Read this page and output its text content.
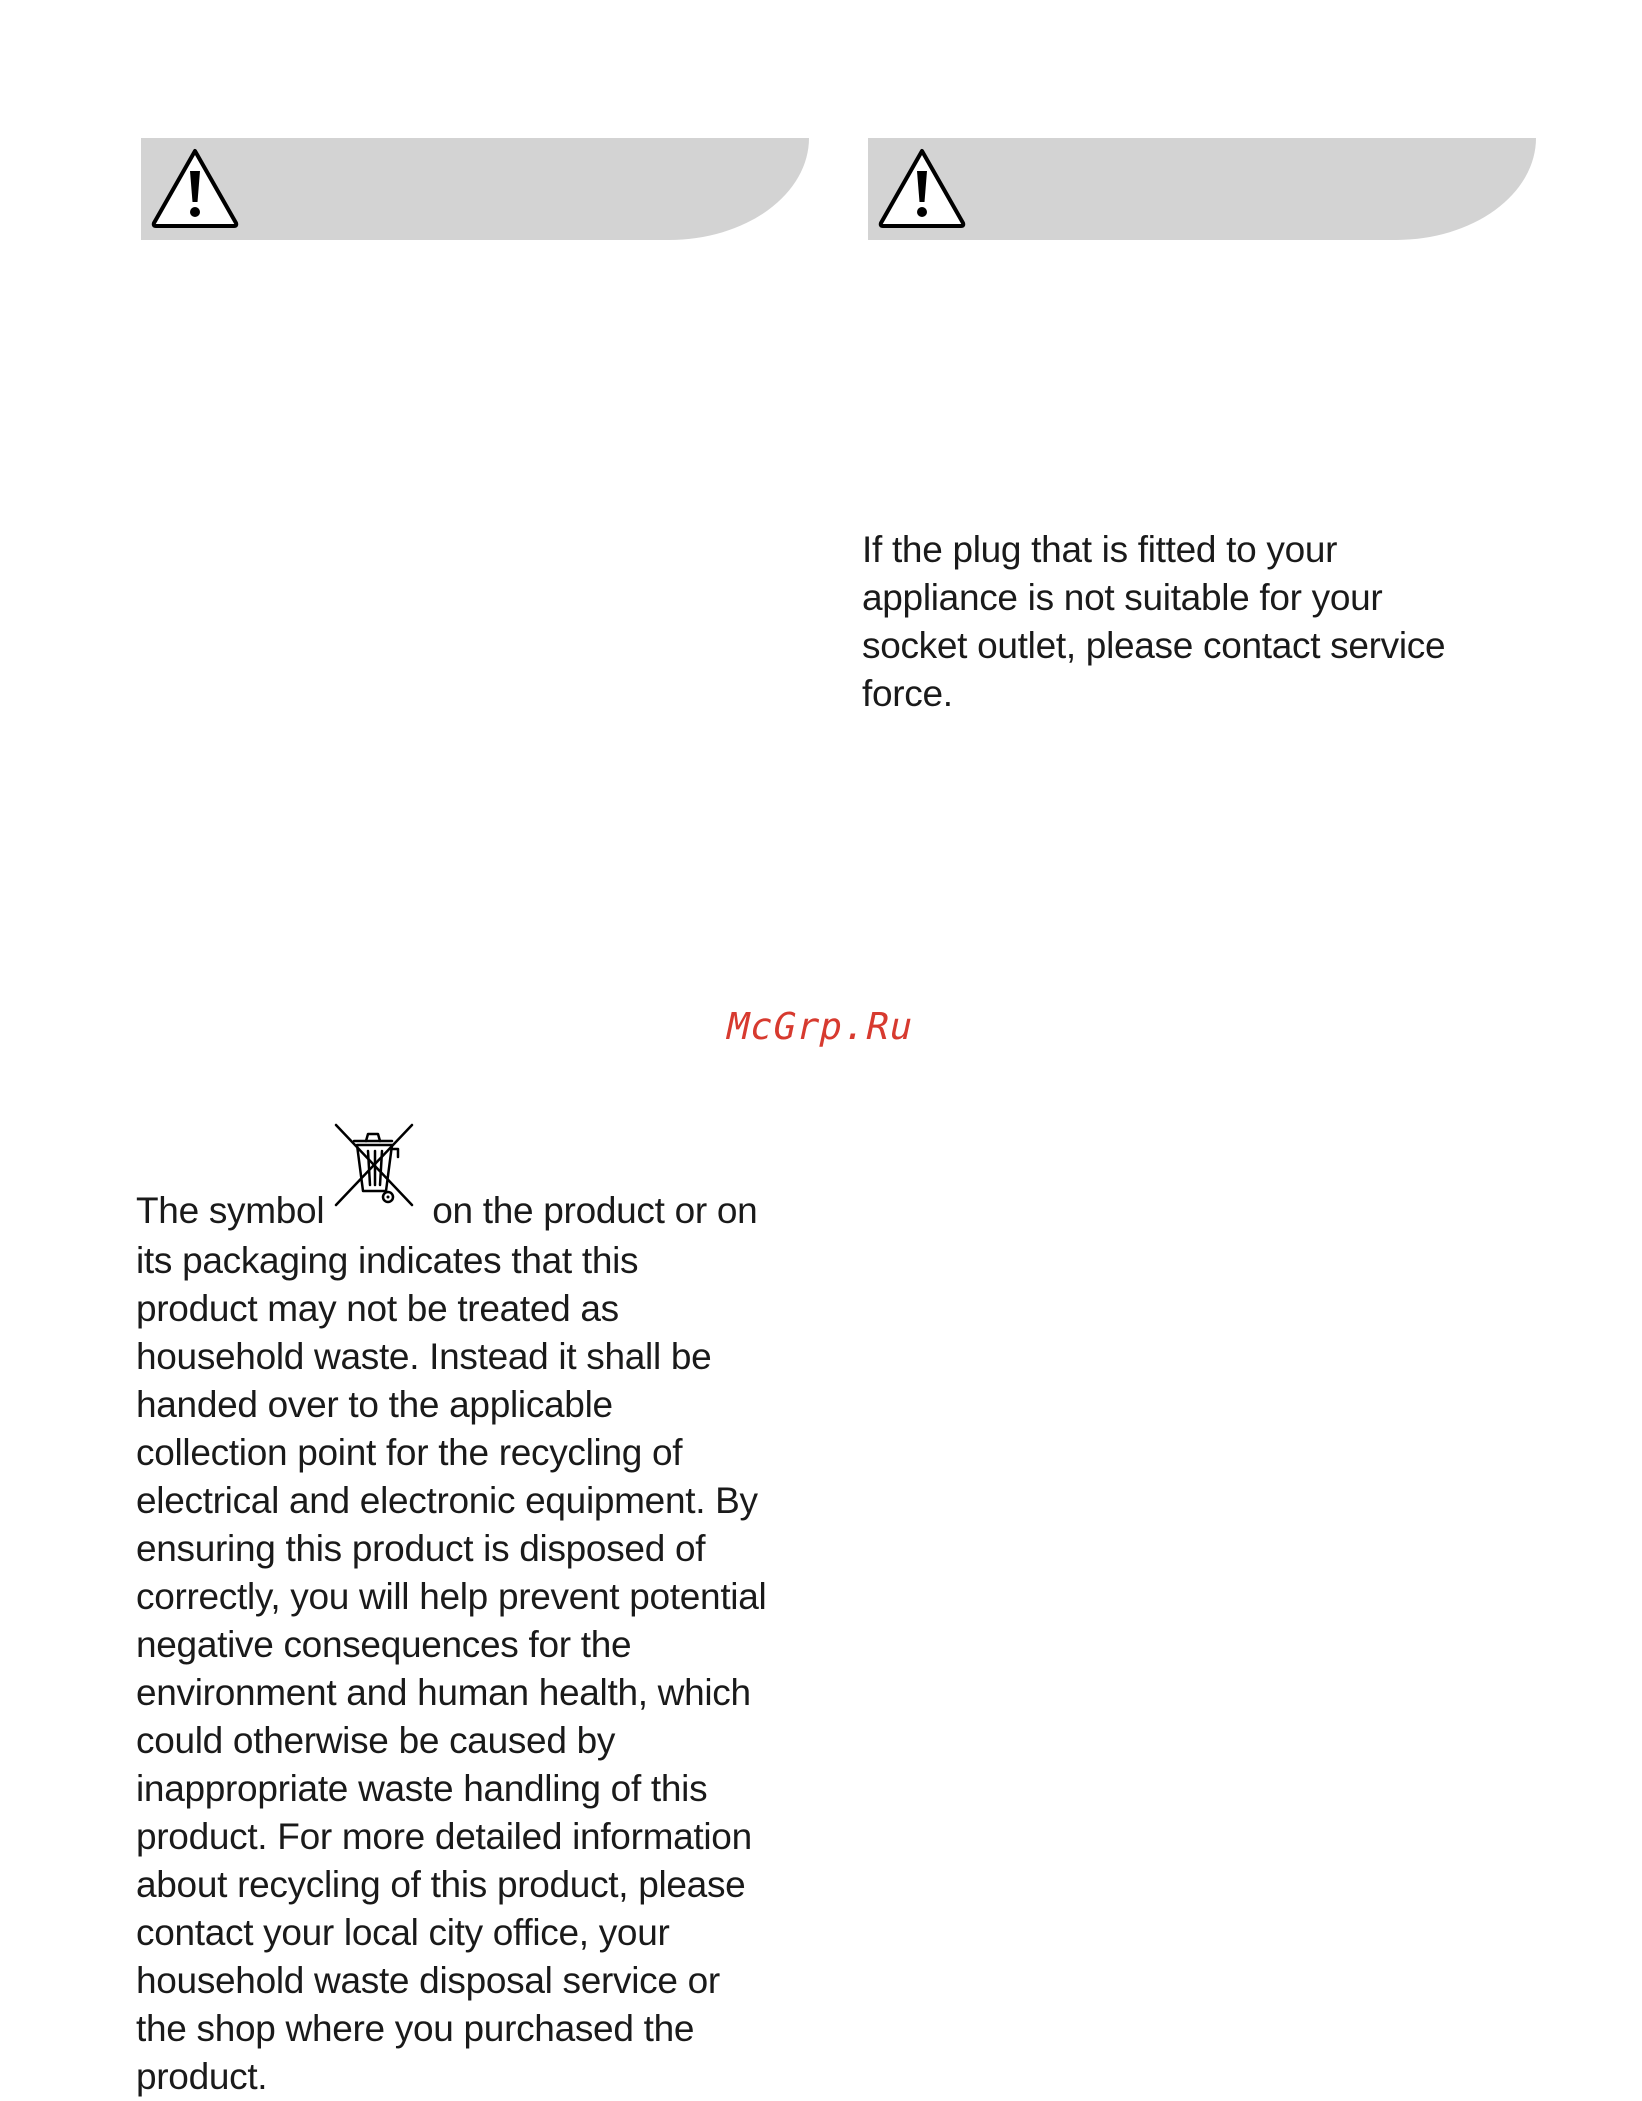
If the plug that is fitted to your
appliance is not suitable for your
socket outlet, please contact service
force.

McGrp.Ru

The symbol	on the product or on
its packaging indicates that this
product may not be treated as
household waste. Instead it shall be
handed over to the applicable
collection point for the recycling of
electrical and electronic equipment. By
ensuring this product is disposed of
correctly, you will help prevent potential
negative consequences for the
environment and human health, which
could otherwise be caused by
inappropriate waste handling of this
product. For more detailed information
about recycling of this product, please
contact your local city office, your
household waste disposal service or
the shop where you purchased the
product.
